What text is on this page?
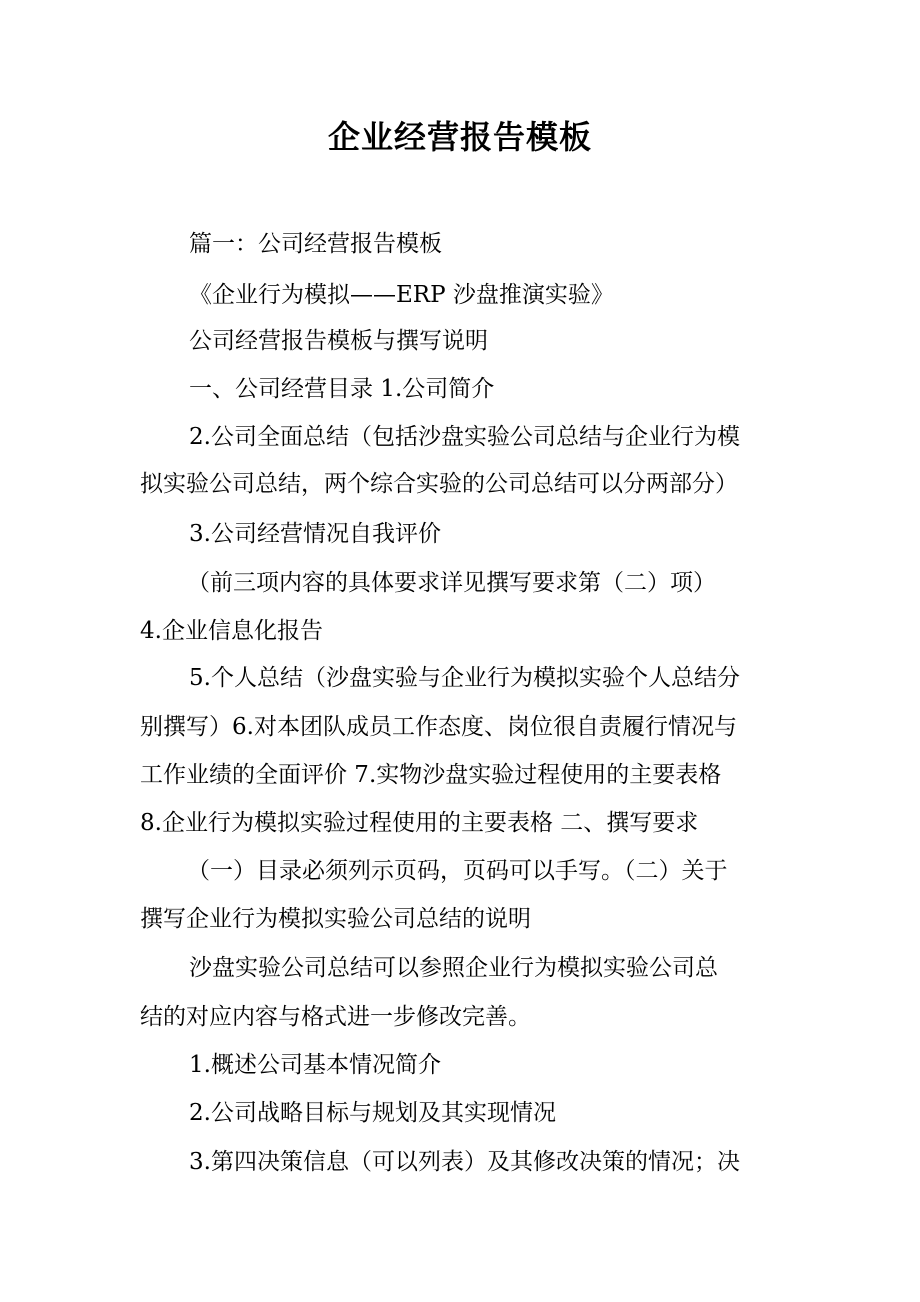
企业经营报告模板
篇一：公司经营报告模板
《企业行为模拟——ERP 沙盘推演实验》
公司经营报告模板与撰写说明
一、公司经营目录 1.公司简介
2.公司全面总结（包括沙盘实验公司总结与企业行为模
拟实验公司总结，两个综合实验的公司总结可以分两部分）
3.公司经营情况自我评价
（前三项内容的具体要求详见撰写要求第（二）项）
4.企业信息化报告
5.个人总结（沙盘实验与企业行为模拟实验个人总结分
别撰写）6.对本团队成员工作态度、岗位很自责履行情况与
工作业绩的全面评价 7.实物沙盘实验过程使用的主要表格
8.企业行为模拟实验过程使用的主要表格 二、撰写要求
（一）目录必须列示页码，页码可以手写。（二）关于
撰写企业行为模拟实验公司总结的说明
沙盘实验公司总结可以参照企业行为模拟实验公司总
结的对应内容与格式进一步修改完善。
1.概述公司基本情况简介
2.公司战略目标与规划及其实现情况
3.第四决策信息（可以列表）及其修改决策的情况；决
